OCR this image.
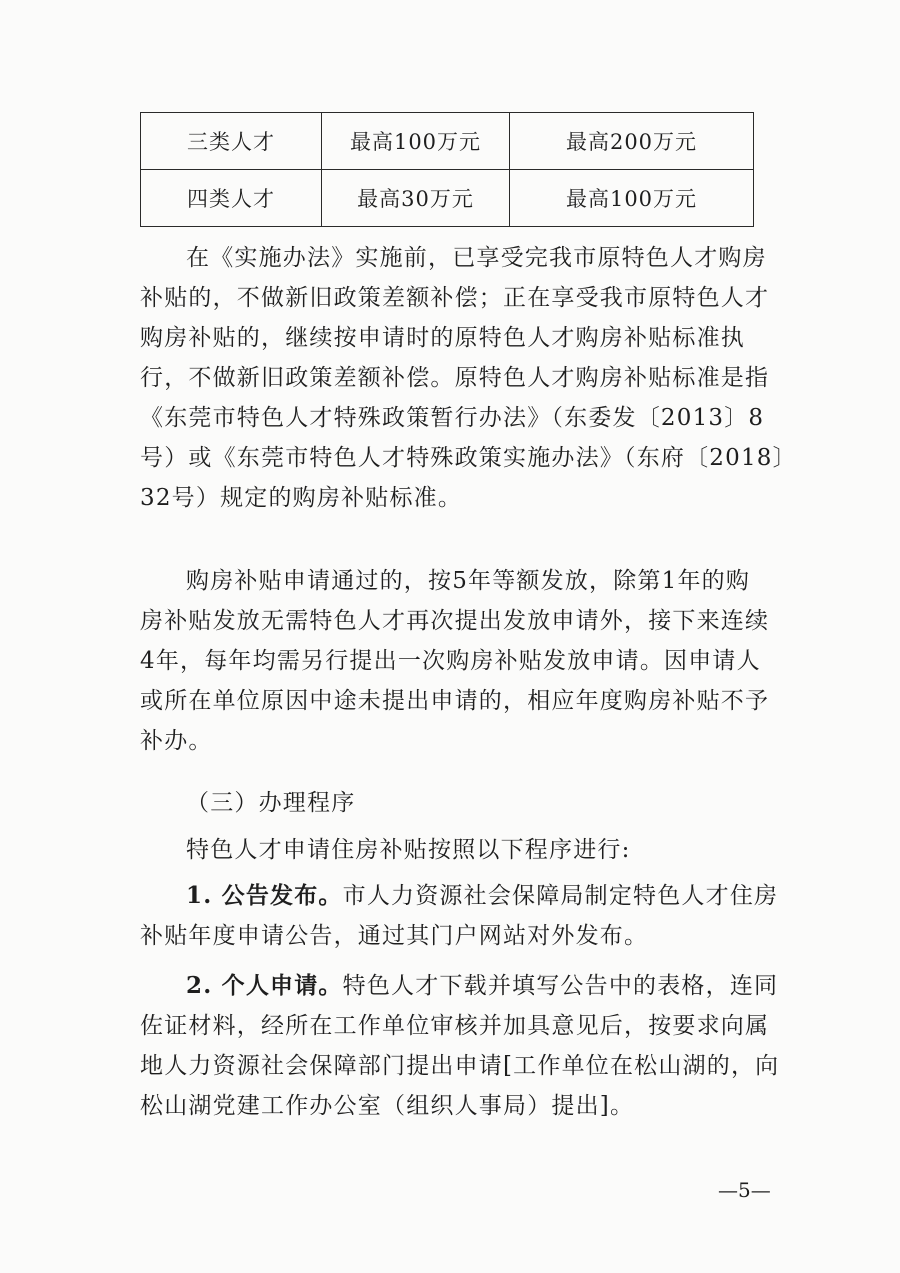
三类人才	最高100万元	最高200万元
四类人才	最高30万元	最高100万元
在《实施办法》实施前，已享受完我市原特色人才购房
补贴的，不做新旧政策差额补偿；正在享受我市原特色人才
购房补贴的，继续按申请时的原特色人才购房补贴标准执
行，不做新旧政策差额补偿。原特色人才购房补贴标准是指
《东莞市特色人才特殊政策暂行办法》（东委发〔2013〕8
号）或《东莞市特色人才特殊政策实施办法》（东府〔2018〕
32号）规定的购房补贴标准。
购房补贴申请通过的，按5年等额发放，除第1年的购
房补贴发放无需特色人才再次提出发放申请外，接下来连续
4年，每年均需另行提出一次购房补贴发放申请。因申请人
或所在单位原因中途未提出申请的，相应年度购房补贴不予
补办。
（三）办理程序
特色人才申请住房补贴按照以下程序进行:
1. 公告发布。市人力资源社会保障局制定特色人才住房
补贴年度申请公告，通过其门户网站对外发布。
2. 个人申请。特色人才下载并填写公告中的表格，连同
佐证材料，经所在工作单位审核并加具意见后，按要求向属
地人力资源社会保障部门提出申请[工作单位在松山湖的，向
松山湖党建工作办公室（组织人事局）提出]。
—5—
